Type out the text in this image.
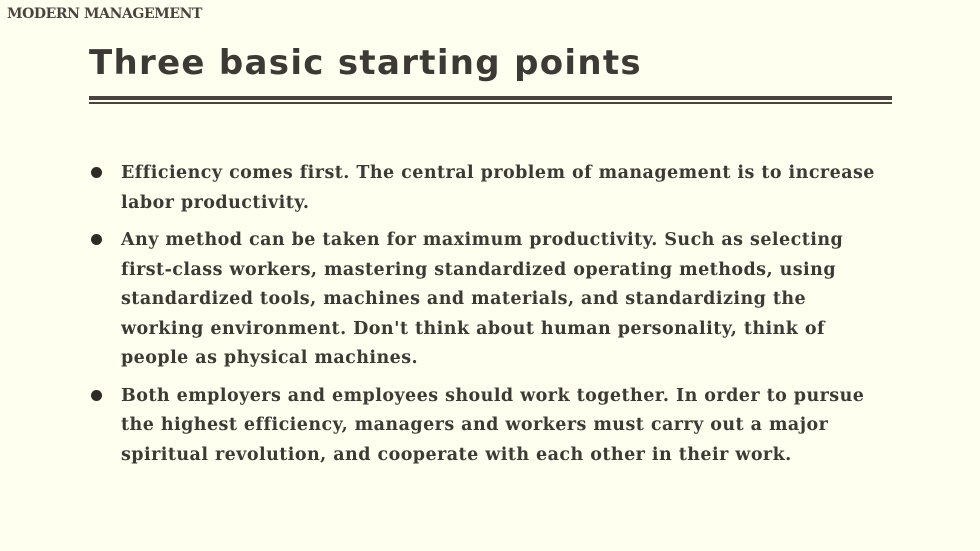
MODERN MANAGEMENT
Three basic starting points
Efficiency comes first. The central problem of management is to increase labor productivity.
Any method can be taken for maximum productivity. Such as selecting first-class workers, mastering standardized operating methods, using standardized tools, machines and materials, and standardizing the working environment. Don't think about human personality, think of people as physical machines.
Both employers and employees should work together. In order to pursue the highest efficiency, managers and workers must carry out a major spiritual revolution, and cooperate with each other in their work.
